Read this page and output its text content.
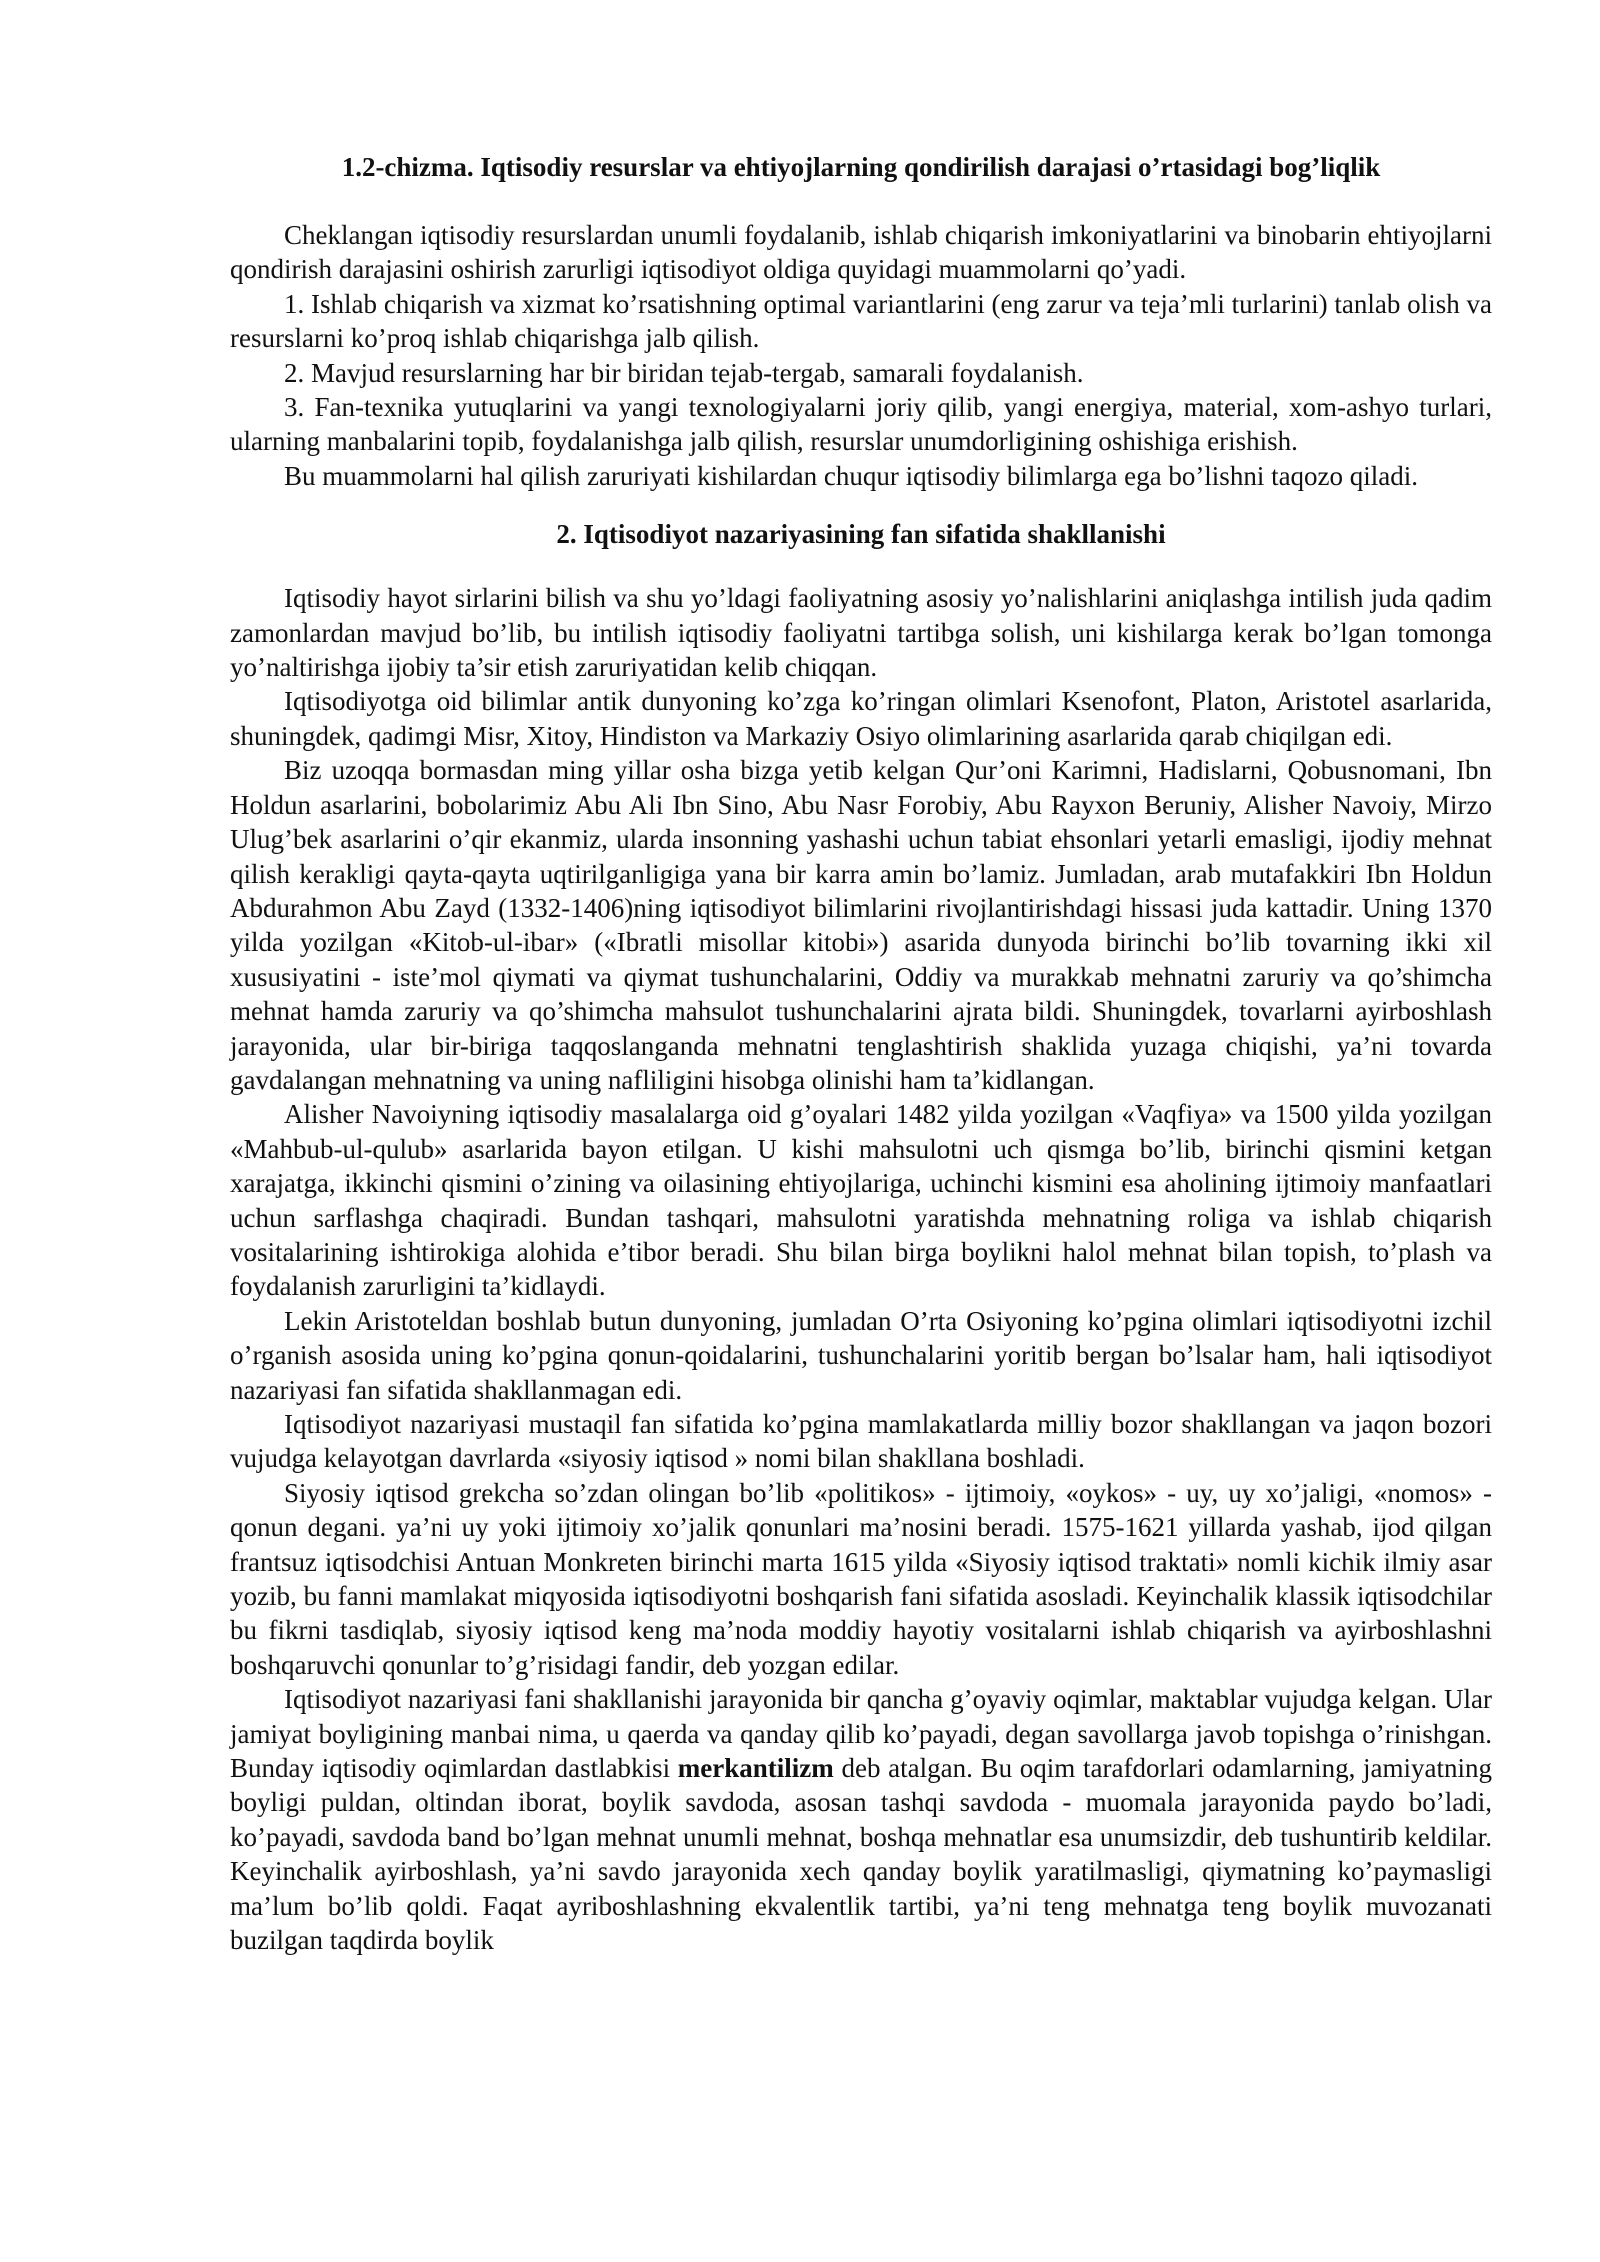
1.2-chizma. Iqtisodiy resurslar va ehtiyojlarning qondirilish darajasi o’rtasidagi bog’liqlik

Cheklangan iqtisodiy resurslardan unumli foydalanib, ishlab chiqarish imkoniyatlarini va binobarin ehtiyojlarni qondirish darajasini oshirish zarurligi iqtisodiyot oldiga quyidagi muammolarni qo’yadi.

1. Ishlab chiqarish va xizmat ko’rsatishning optimal variantlarini (eng zarur va teja’mli turlarini) tanlab olish va resurslarni ko’proq ishlab chiqarishga jalb qilish.

2. Mavjud resurslarning har bir biridan tejab-tergab, samarali foydalanish.

3. Fan-texnika yutuqlarini va yangi texnologiyalarni joriy qilib, yangi energiya, material, xom-ashyo turlari, ularning manbalarini topib, foydalanishga jalb qilish, resurslar unumdorligining oshishiga erishish.

Bu muammolarni hal qilish zaruriyati kishilardan chuqur iqtisodiy bilimlarga ega bo’lishni taqozo qiladi.

2. Iqtisodiyot nazariyasining fan sifatida shakllanishi

Iqtisodiy hayot sirlarini bilish va shu yo’ldagi faoliyatning asosiy yo’nalishlarini aniqlashga intilish juda qadim zamonlardan mavjud bo’lib, bu intilish iqtisodiy faoliyatni tartibga solish, uni kishilarga kerak bo’lgan tomonga yo’naltirishga ijobiy ta’sir etish zaruriyatidan kelib chiqqan.

Iqtisodiyotga oid bilimlar antik dunyoning ko’zga ko’ringan olimlari Ksenofont, Platon, Aristotel asarlarida, shuningdek, qadimgi Misr, Xitoy, Hindiston va Markaziy Osiyo olimlarining asarlarida qarab chiqilgan edi.

Biz uzoqqa bormasdan ming yillar osha bizga yetib kelgan Qur’oni Karimni, Hadislarni, Qobusnomani, Ibn Holdun asarlarini, bobolarimiz Abu Ali Ibn Sino, Abu Nasr Forobiy, Abu Rayxon Beruniy, Alisher Navoiy, Mirzo Ulug’bek asarlarini o’qir ekanmiz, ularda insonning yashashi uchun tabiat ehsonlari yetarli emasligi, ijodiy mehnat qilish kerakligi qayta-qayta uqtirilganligiga yana bir karra amin bo’lamiz. Jumladan, arab mutafakkiri Ibn Holdun Abdurahmon Abu Zayd (1332-1406)ning iqtisodiyot bilimlarini rivojlantirishdagi hissasi juda kattadir. Uning 1370 yilda yozilgan «Kitob-ul-ibar» («Ibratli misollar kitobi») asarida dunyoda birinchi bo’lib tovarning ikki xil xususiyatini - iste’mol qiymati va qiymat tushunchalarini, Oddiy va murakkab mehnatni zaruriy va qo’shimcha mehnat hamda zaruriy va qo’shimcha mahsulot tushunchalarini ajrata bildi. Shuningdek, tovarlarni ayirboshlash jarayonida, ular bir-biriga taqqoslanganda mehnatni tenglashtirish shaklida yuzaga chiqishi, ya’ni tovarda gavdalangan mehnatning va uning nafliligini hisobga olinishi ham ta’kidlangan.

Alisher Navoiyning iqtisodiy masalalarga oid g’oyalari 1482 yilda yozilgan «Vaqfiya» va 1500 yilda yozilgan «Mahbub-ul-qulub» asarlarida bayon etilgan. U kishi mahsulotni uch qismga bo’lib, birinchi qismini ketgan xarajatga, ikkinchi qismini o’zining va oilasining ehtiyojlariga, uchinchi kismini esa aholining ijtimoiy manfaatlari uchun sarflashga chaqiradi. Bundan tashqari, mahsulotni yaratishda mehnatning roliga va ishlab chiqarish vositalarining ishtirokiga alohida e’tibor beradi. Shu bilan birga boylikni halol mehnat bilan topish, to’plash va foydalanish zarurligini ta’kidlaydi.

Lekin Aristoteldan boshlab butun dunyoning, jumladan O’rta Osiyoning ko’pgina olimlari iqtisodiyotni izchil o’rganish asosida uning ko’pgina qonun-qoidalarini, tushunchalarini yoritib bergan bo’lsalar ham, hali iqtisodiyot nazariyasi fan sifatida shakllanmagan edi.

Iqtisodiyot nazariyasi mustaqil fan sifatida ko’pgina mamlakatlarda milliy bozor shakllangan va jaqon bozori vujudga kelayotgan davrlarda «siyosiy iqtisod » nomi bilan shakllana boshladi.

Siyosiy iqtisod grekcha so’zdan olingan bo’lib «politikos» - ijtimoiy, «oykos» - uy, uy xo’jaligi, «nomos» - qonun degani. ya’ni uy yoki ijtimoiy xo’jalik qonunlari ma’nosini beradi. 1575-1621 yillarda yashab, ijod qilgan frantsuz iqtisodchisi Antuan Monkreten birinchi marta 1615 yilda «Siyosiy iqtisod traktati» nomli kichik ilmiy asar yozib, bu fanni mamlakat miqyosida iqtisodiyotni boshqarish fani sifatida asosladi. Keyinchalik klassik iqtisodchilar bu fikrni tasdiqlab, siyosiy iqtisod keng ma’noda moddiy hayotiy vositalarni ishlab chiqarish va ayirboshlashni boshqaruvchi qonunlar to’g’risidagi fandir, deb yozgan edilar.

Iqtisodiyot nazariyasi fani shakllanishi jarayonida bir qancha g’oyaviy oqimlar, maktablar vujudga kelgan. Ular jamiyat boyligining manbai nima, u qaerda va qanday qilib ko’payadi, degan savollarga javob topishga o’rinishgan. Bunday iqtisodiy oqimlardan dastlabkisi merkantilizm deb atalgan. Bu oqim tarafdorlari odamlarning, jamiyatning boyligi puldan, oltindan iborat, boylik savdoda, asosan tashqi savdoda - muomala jarayonida paydo bo’ladi, ko’payadi, savdoda band bo’lgan mehnat unumli mehnat, boshqa mehnatlar esa unumsizdir, deb tushuntirib keldilar. Keyinchalik ayirboshlash, ya’ni savdo jarayonida xech qanday boylik yaratilmasligi, qiymatning ko’paymasligi ma’lum bo’lib qoldi. Faqat ayriboshlashning ekvalentlik tartibi, ya’ni teng mehnatga teng boylik muvozanati buzilgan taqdirda boylik
